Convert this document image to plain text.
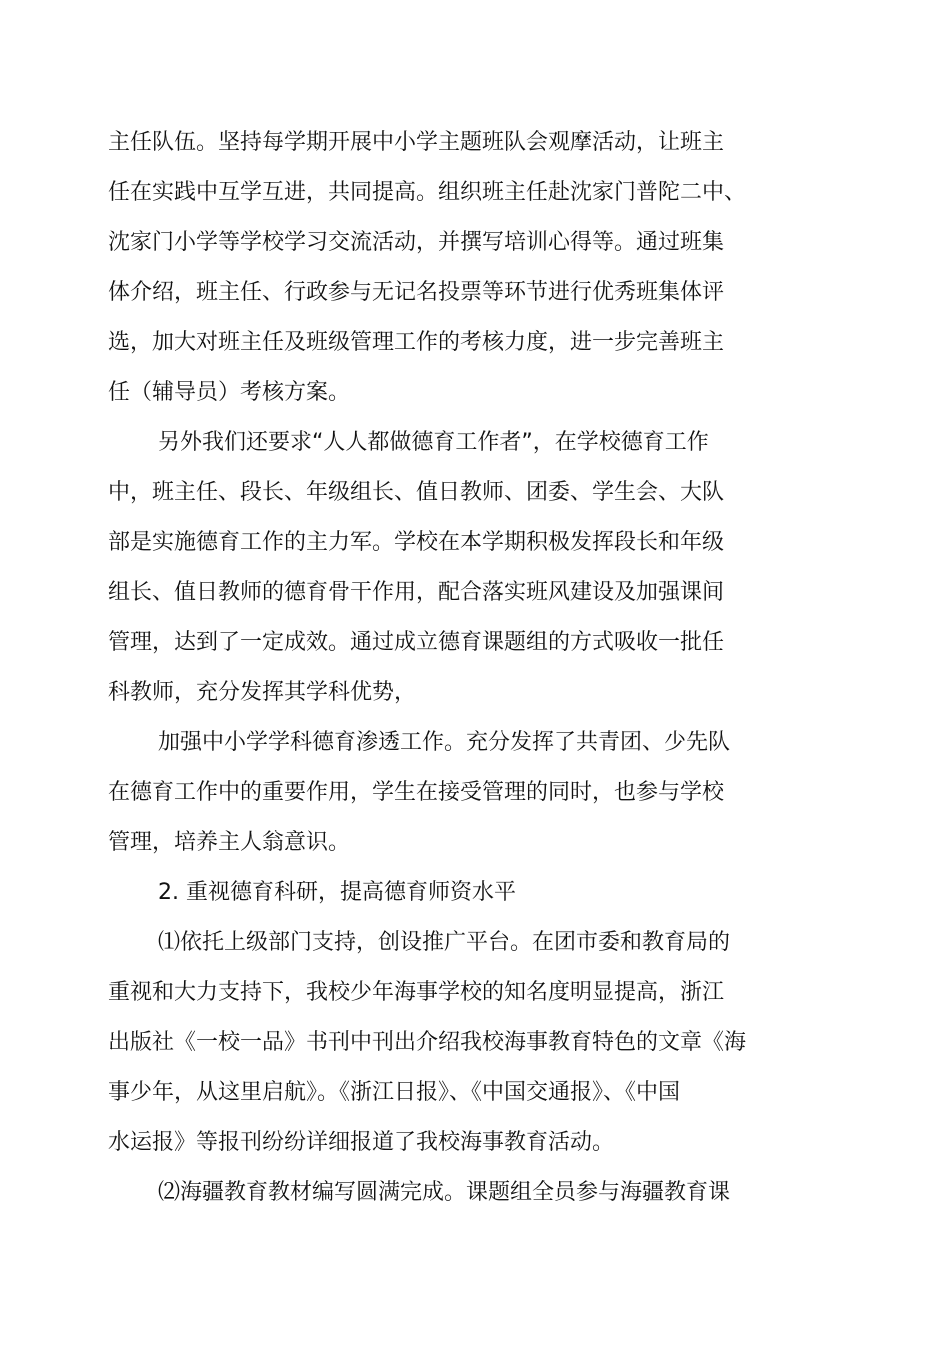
主任队伍。坚持每学期开展中小学主题班队会观摩活动，让班主
任在实践中互学互进，共同提高。组织班主任赴沈家门普陀二中、
沈家门小学等学校学习交流活动，并撰写培训心得等。通过班集
体介绍，班主任、行政参与无记名投票等环节进行优秀班集体评
选，加大对班主任及班级管理工作的考核力度，进一步完善班主
任（辅导员）考核方案。
另外我们还要求“人人都做德育工作者”，在学校德育工作
中，班主任、段长、年级组长、值日教师、团委、学生会、大队
部是实施德育工作的主力军。学校在本学期积极发挥段长和年级
组长、值日教师的德育骨干作用，配合落实班风建设及加强课间
管理，达到了一定成效。通过成立德育课题组的方式吸收一批任
科教师，充分发挥其学科优势，
加强中小学学科德育渗透工作。充分发挥了共青团、少先队
在德育工作中的重要作用，学生在接受管理的同时，也参与学校
管理，培养主人翁意识。
2. 重视德育科研，提高德育师资水平
⑴依托上级部门支持，创设推广平台。在团市委和教育局的
重视和大力支持下，我校少年海事学校的知名度明显提高，浙江
出版社《一校一品》书刊中刊出介绍我校海事教育特色的文章《海
事少年，从这里启航》。《浙江日报》、《中国交通报》、《中国
水运报》等报刊纷纷详细报道了我校海事教育活动。
⑵海疆教育教材编写圆满完成。课题组全员参与海疆教育课
